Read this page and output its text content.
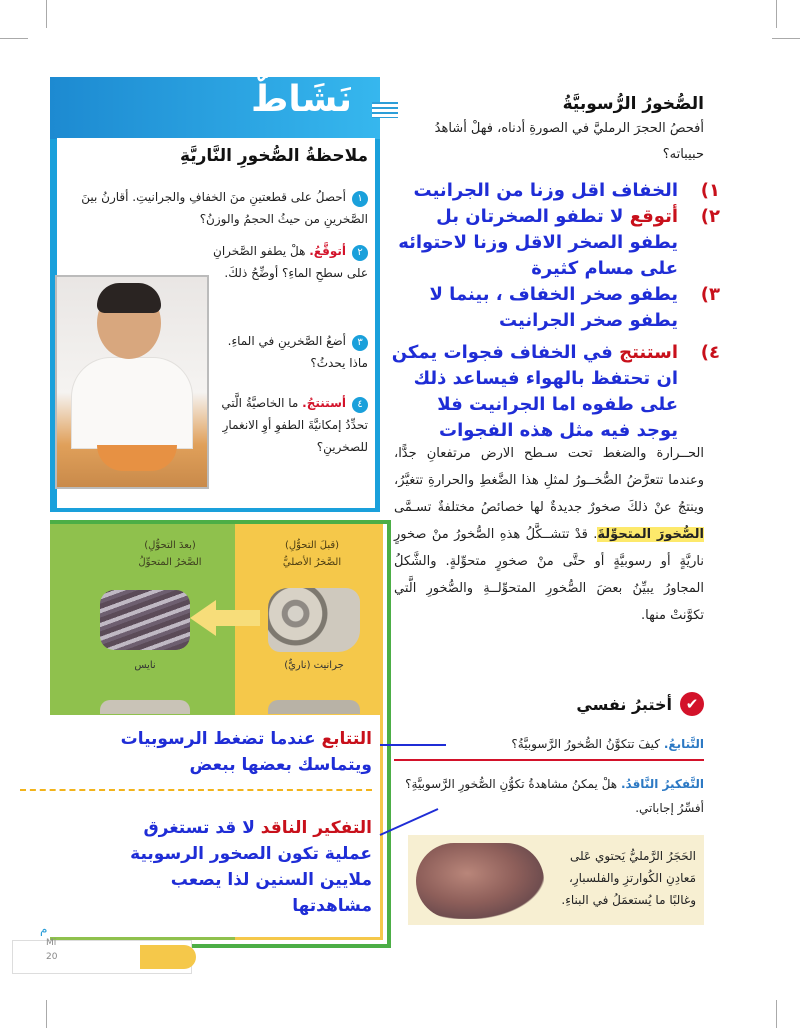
الصُّخورُ الرُّسوبيَّةُ
أفحصُ الحجرَ الرمليَّ في الصورةِ أدناه، فهلْ أشاهدُ حبيباته؟
١)
الخفاف اقل وزنا من الجرانيت
٢)
أتوقع لا تطفو الصخرتان بل يطفو الصخر الاقل وزنا لاحتوائه على مسام كثيرة
٣)
يطفو صخر الخفاف ، بينما لا يطفو صخر الجرانيت
٤)
استنتج في الخفاف فجوات يمكن ان تحتفظ بالهواء فيساعد ذلك على طفوه اما الجرانيت فلا يوجد فيه مثل هذه الفجوات
الحــرارة والضغط تحت سـطح الارض مرتفعانِ جدًّا، وعندما تتعرَّضُ الصُّخــورُ لمثلِ هذا الضَّغطِ والحرارةِ تتغيَّرُ، وينتجُ عنْ ذلكَ صخورٌ جديدةٌ لها خصائصُ مختلفةٌ تسـمَّى الصُّخورَ المتحوِّلةَ. قدْ تتشــكَّلُ هذهِ الصُّخورُ منْ صخورٍ ناريَّةٍ أو رسوبيَّةٍ أو حتَّى منْ صخورٍ متحوِّلةٍ. والشَّكلُ المجاورُ يبيِّنُ بعضَ الصُّخورِ المتحوِّلــةِ والصُّخورِ الَّتي تكوَّنتْ منها.
✔
أختبرُ نفسي
التَّتابعُ. كيفَ تتكوَّنُ الصُّخورُ الرَّسوبيَّةُ؟
التَّفكيرُ النَّاقدُ. هلْ يمكنُ مشاهدةُ تكوُّنِ الصُّخورِ الرَّسوبيَّةِ؟ أفسِّرُ إجاباتي.
الحَجَرُ الرَّمليُّ يَحتوي عَلى مَعادِنِ الكُوارتزِ والفلسبارِ، وغالبًا ما يُستعمَلُ في البناءِ.
نَشَاطٌ
ملاحظةُ الصُّخورِ النَّاريَّةِ
١أحصلُ على قطعتينِ منَ الخفافِ والجرانيتِ. أقارنُ بينَ الصَّخرينِ من حيثُ الحجمُ والوزنُ؟
٢أتوقَّعُ. هلْ يطفو الصَّخرانِ على سطحِ الماءِ؟ أوضِّحُ ذلكَ.
٣أضعُ الصَّخرينِ في الماءِ. ماذا يحدثُ؟
٤أستنتجُ. ما الخاصيَّةُ الَّتي تحدِّدُ إمكانيَّةَ الطفوِ أوِ الانغمارِ للصخرينِ؟
(بعدَ التحوُّلِ)
الصَّخرُ المتحوِّلُ
(قبلَ التحوُّلِ)
الصَّخرُ الأصليُّ
نايس	جرانيت (ناريٌّ)
التتابع عندما تضغط الرسوبيات ويتماسك بعضها ببعض
التفكير الناقد لا قد تستغرق عملية تكون الصخور الرسوبية ملايين السنين لذا يصعب مشاهدتها
م
Mi
20
